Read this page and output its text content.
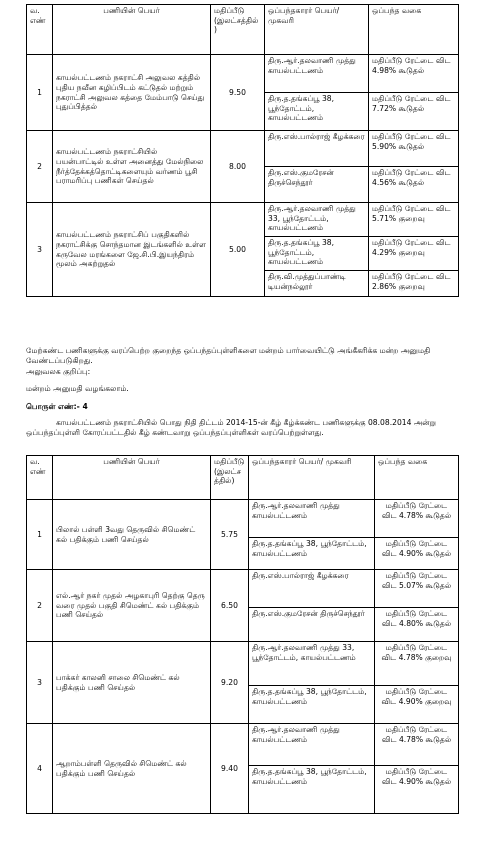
வ. எண்	பணியின் பெயர்	மதிப்பீடு (இலட்சத்தில்)	ஒப்பந்தகாரர் பெயர்/ முகவரி	ஒப்பந்த வகை
1	காயல்பட்டணம் நகராட்சி அலுவல கத்தில் புதிய நவீன கழிப்பிடம் கட்டுதல் மற்றும் நகராட்சி அலுவல கத்தை மேம்பாடு செய்து புதுப்பித்தல்	9.50	திரு.ஆர்.தலவாணி முத்து காயல்பட்டணம்	மதிப்பீடு ரேட்டை விட 4.98% கூடுதல்
			திரு.த.தங்கப்பூ 38, பூந்தோட்டம், காயல்பட்டணம்	மதிப்பீடு ரேட்டை விட 7.72% கூடுதல்
2	காயல்பட்டணம் நகராட்சியில் பயன்பாட்டில் உள்ள அனைத்து மேல்நிலை நீர்த்தேக்கத்தொட்டிகளையும் வர்ணம் பூசி பராமரிப்பு பணிகள் செய்தல்	8.00	திரு.எஸ்.பால்ராஜ் கீழக்கரை	மதிப்பீடு ரேட்டை விட 5.90% கூடுதல்
			திரு.எஸ்.குமரேசன் திருச்செந்தூர்	மதிப்பீடு ரேட்டை விட 4.56% கூடுதல்
3	காயல்பட்டணம் நகராட்சிப் பகுதிகளில் நகராட்சிக்கு சொந்தமான இடங்களில் உள்ள கருவேல மரங்களை ஜே.சி.பி.இயந்திரம் மூலம் அகற்றுதல்	5.00	திரு.ஆர்.தலவாணி முத்து 33, பூந்தோட்டம், காயல்பட்டணம்	மதிப்பீடு ரேட்டை விட 5.71% குறைவு
			திரு.த.தங்கப்பூ 38, பூந்தோட்டம், காயல்பட்டணம்	மதிப்பீடு ரேட்டை விட 4.29% குறைவு
			திரு.வி.முத்துப்பாண்டி டியன்நல்லூர்	மதிப்பீடு ரேட்டை விட 2.86% குறைவு
மேற்கண்ட பணிகளுக்கு வரப்பெற்ற குறைந்த ஒப்பந்தப்புள்ளிகளை மன்றம் பார்வையிட்டு அங்கீகரிக்க மன்ற அனுமதி வேண்டப்படுகிறது.
அலுவலக குறிப்பு:
மன்றம் அனுமதி வழங்கலாம்.
பொருள் எண்:- 4
காயல்பட்டணம் நகராட்சியில் பொது நிதி திட்டம் 2014-15-ன் கீழ் கீழ்க்கண்ட பணிகளுக்கு 08.08.2014 அன்று ஒப்பந்தப்புள்ளி கோரப்பட்டதில் கீழ் கண்டவாறு ஒப்பந்தப்புள்ளிகள் வரப்பெற்றுள்ளது.
வ. எண்	பணியின் பெயர்	மதிப்பீடு (இலட்சத்தில்)	ஒப்பந்தகாரர் பெயர்/ முகவரி	ஒப்பந்த வகை
1	பிலால் பள்ளி 3வது தெருவில் சிமெண்ட் கல் பதிக்கும் பணி செய்தல்	5.75	திரு.ஆர்.தலவாணி முத்து காயல்பட்டணம்	மதிப்பீடு ரேட்டை விட 4.78% கூடுதல்
			திரு.த.தங்கப்பூ 38, பூந்தோட்டம், காயல்பட்டணம்	மதிப்பீடு ரேட்டை விட 4.90% கூடுதல்
2	எல்.ஆர் நகர் முதல் அழகாபுரி தெற்கு தெரு வரை முதல் பகுதி சிமெண்ட் கல் பதிக்கும் பணி செய்தல்	6.50	திரு.எஸ்.பால்ராஜ் கீழக்கரை	மதிப்பீடு ரேட்டை விட 5.07% கூடுதல்
			திரு.எஸ்.குமரேசன் திருச்செந்தூர்	மதிப்பீடு ரேட்டை விட 4.80% கூடுதல்
3	பாக்கர் காலனி சாலை சிமெண்ட் கல் பதிக்கும் பணி செய்தல்	9.20	திரு.ஆர்.தலவாணி முத்து 33, பூந்தோட்டம், காயல்பட்டணம்	மதிப்பீடு ரேட்டை விட 4.78% குறைவு
			திரு.த.தங்கப்பூ 38, பூந்தோட்டம், காயல்பட்டணம்	மதிப்பீடு ரேட்டை விட 4.90% குறைவு
4	ஆறாம்பள்ளி தெருவில் சிமெண்ட் கல் பதிக்கும் பணி செய்தல்	9.40	திரு.ஆர்.தலவாணி முத்து காயல்பட்டணம்	மதிப்பீடு ரேட்டை விட 4.78% கூடுதல்
			திரு.த.தங்கப்பூ 38, பூந்தோட்டம், காயல்பட்டணம்	மதிப்பீடு ரேட்டை விட 4.90% கூடுதல்
